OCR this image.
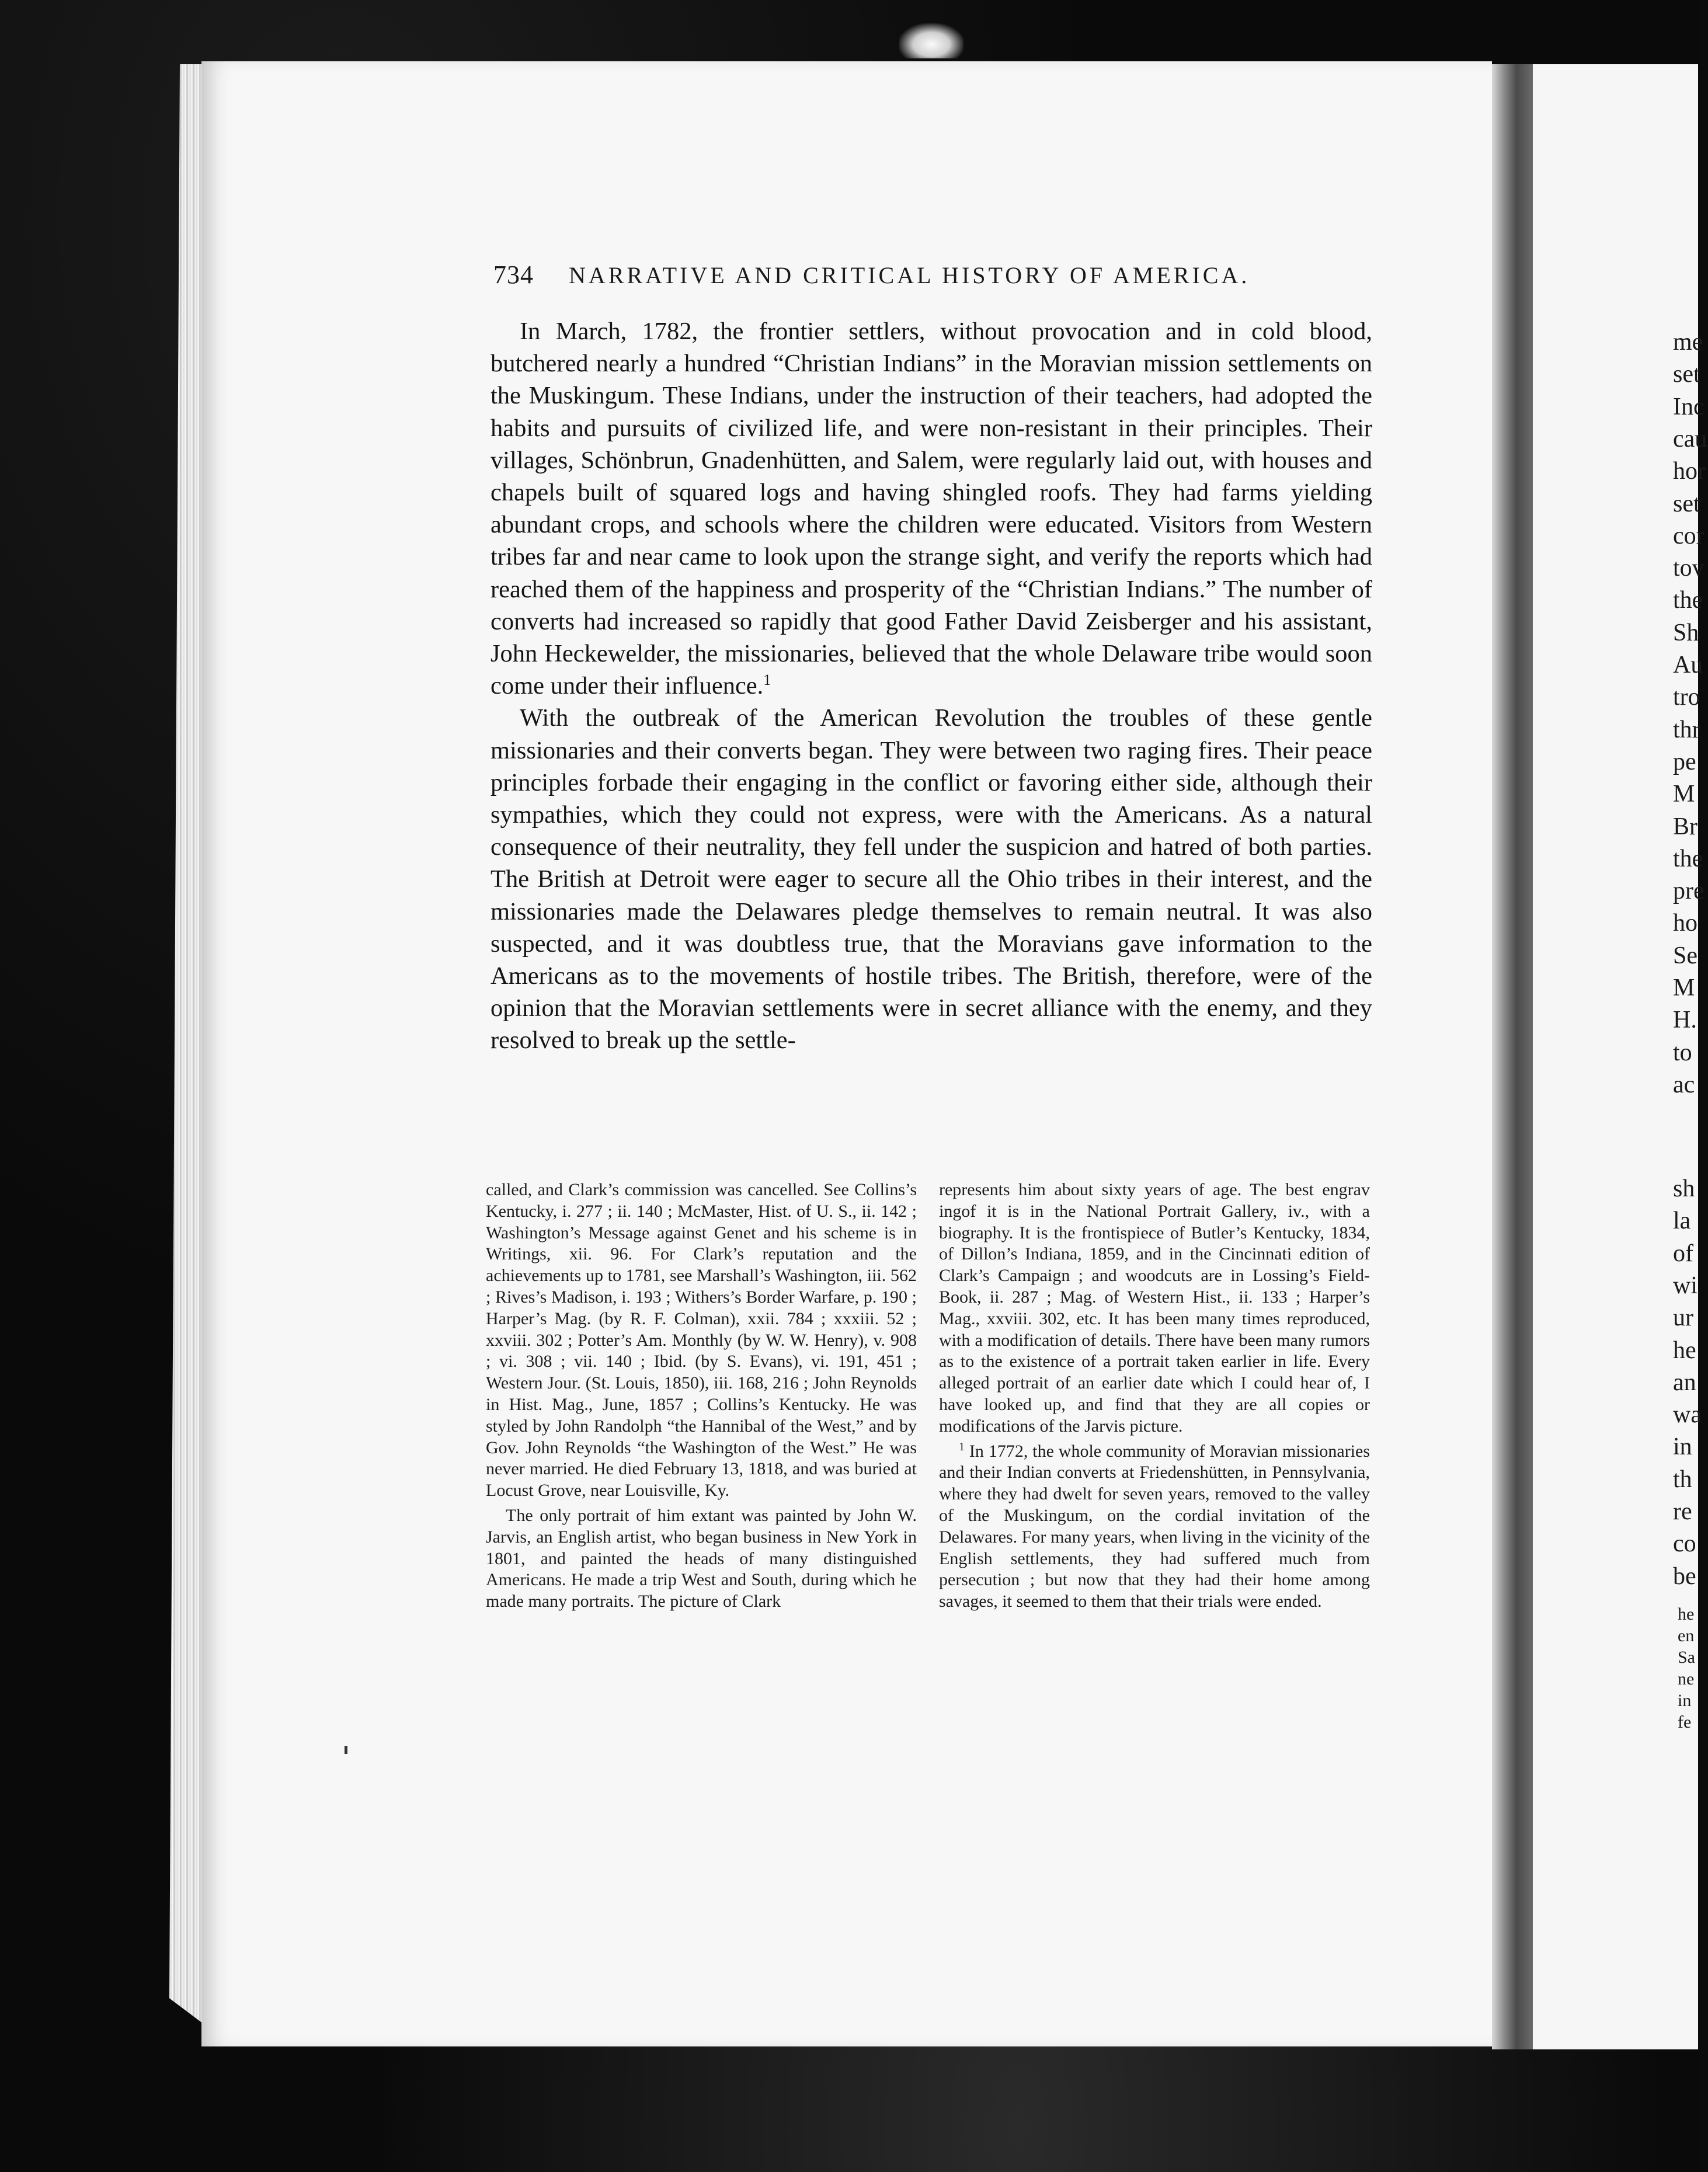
734 NARRATIVE AND CRITICAL HISTORY OF AMERICA.

In March, 1782, the frontier settlers, without provocation and in cold blood, butchered nearly a hundred “Christian Indians” in the Moravian mission settlements on the Muskingum. These Indians, under the instruction of their teachers, had adopted the habits and pursuits of civilized life, and were non-resistant in their principles. Their villages, Schönbrun, Gnadenhütten, and Salem, were regularly laid out, with houses and chapels built of squared logs and having shingled roofs. They had farms yielding abundant crops, and schools where the children were educated. Visitors from Western tribes far and near came to look upon the strange sight, and verify the reports which had reached them of the happiness and prosperity of the “Christian Indians.” The number of converts had increased so rapidly that good Father David Zeisberger and his assistant, John Heckewelder, the missionaries, believed that the whole Delaware tribe would soon come under their influence.$^1$

With the outbreak of the American Revolution the troubles of these gentle missionaries and their converts began. They were between two raging fires. Their peace principles forbade their engaging in the conflict or favoring either side, although their sympathies, which they could not express, were with the Americans. As a natural consequence of their neutrality, they fell under the suspicion and hatred of both parties. The British at Detroit were eager to secure all the Ohio tribes in their interest, and the missionaries made the Delawares pledge themselves to remain neutral. It was also suspected, and it was doubtless true, that the Moravians gave information to the Americans as to the movements of hostile tribes. The British, therefore, were of the opinion that the Moravian settlements were in secret alliance with the enemy, and they resolved to break up the settle-

called, and Clark’s commission was cancelled. See Collins’s Kentucky, i. 277 ; ii. 140 ; McMaster, Hist. of U. S., ii. 142 ; Washington’s Message against Genet and his scheme is in Writings, xii. 96. For Clark’s reputation and the achievements up to 1781, see Marshall’s Washington, iii. 562 ; Rives’s Madison, i. 193 ; Withers’s Border Warfare, p. 190 ; Harper’s Mag. (by R. F. Colman), xxii. 784 ; xxxiii. 52 ; xxviii. 302 ; Potter’s Am. Monthly (by W. W. Henry), v. 908 ; vi. 308 ; vii. 140 ; Ibid. (by S. Evans), vi. 191, 451 ; Western Jour. (St. Louis, 1850), iii. 168, 216 ; John Reynolds in Hist. Mag., June, 1857 ; Collins’s Kentucky. He was styled by John Randolph “the Hannibal of the West,” and by Gov. John Reynolds “the Washington of the West.” He was never married. He died February 13, 1818, and was buried at Locust Grove, near Louisville, Ky.

The only portrait of him extant was painted by John W. Jarvis, an English artist, who began business in New York in 1801, and painted the heads of many distinguished Americans. He made a trip West and South, during which he made many portraits. The picture of Clark

represents him about sixty years of age. The best engrav ingof it is in the National Portrait Gallery, iv., with a biography. It is the frontispiece of Butler’s Kentucky, 1834, of Dillon’s Indiana, 1859, and in the Cincinnati edition of Clark’s Campaign ; and woodcuts are in Lossing’s Field-Book, ii. 287 ; Mag. of Western Hist., ii. 133 ; Harper’s Mag., xxviii. 302, etc. It has been many times reproduced, with a modification of details. There have been many rumors as to the existence of a portrait taken earlier in life. Every alleged portrait of an earlier date which I could hear of, I have looked up, and find that they are all copies or modifications of the Jarvis picture.

$^1$ In 1772, the whole community of Moravian missionaries and their Indian converts at Friedenshütten, in Pennsylvania, where they had dwelt for seven years, removed to the valley of the Muskingum, on the cordial invitation of the Delawares. For many years, when living in the vicinity of the English settlements, they had suffered much from persecution ; but now that they had their home among savages, it seemed to them that their trials were ended.

me

set

Inc

cau

hor

set

cor

tov

the

Sh

Au

tro

thr

pe

M

Br

the

pre

ho

Se

M

H.

to

ac

sh

la

of

wi

ur

he

an

wa

in

th

re

co

be

he

en

Sa

ne

in

fe
